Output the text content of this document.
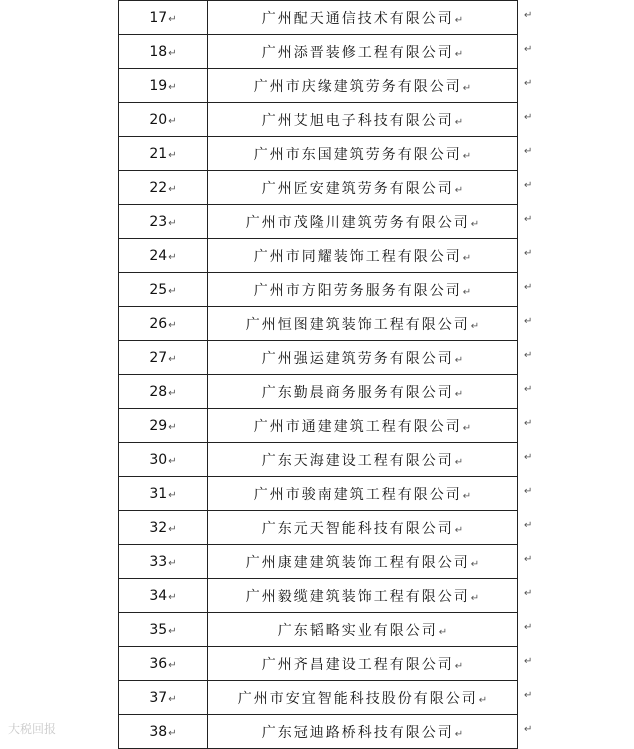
17↵	广州配天通信技术有限公司↵
18↵	广州添晋装修工程有限公司↵
19↵	广州市庆缘建筑劳务有限公司↵
20↵	广州艾旭电子科技有限公司↵
21↵	广州市东国建筑劳务有限公司↵
22↵	广州匠安建筑劳务有限公司↵
23↵	广州市茂隆川建筑劳务有限公司↵
24↵	广州市同耀装饰工程有限公司↵
25↵	广州市方阳劳务服务有限公司↵
26↵	广州恒图建筑装饰工程有限公司↵
27↵	广州强运建筑劳务有限公司↵
28↵	广东勤晨商务服务有限公司↵
29↵	广州市通建建筑工程有限公司↵
30↵	广东天海建设工程有限公司↵
31↵	广州市骏南建筑工程有限公司↵
32↵	广东元天智能科技有限公司↵
33↵	广州康建建筑装饰工程有限公司↵
34↵	广州毅缆建筑装饰工程有限公司↵
35↵	广东韬略实业有限公司↵
36↵	广州齐昌建设工程有限公司↵
37↵	广州市安宜智能科技股份有限公司↵
38↵	广东冠迪路桥科技有限公司↵
↵
↵
↵
↵
↵
↵
↵
↵
↵
↵
↵
↵
↵
↵
↵
↵
↵
↵
↵
↵
↵
↵
大税回报
